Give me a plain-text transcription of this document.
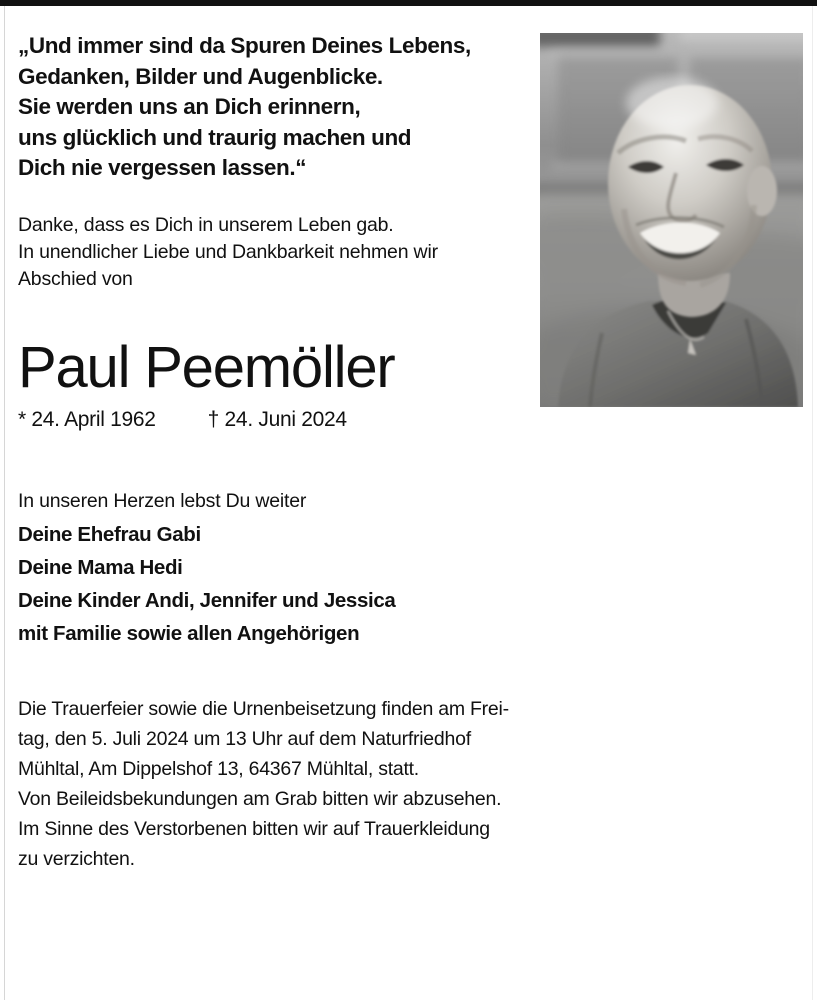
„Und immer sind da Spuren Deines Lebens,
Gedanken, Bilder und Augenblicke.
Sie werden uns an Dich erinnern,
uns glücklich und traurig machen und
Dich nie vergessen lassen.“
Danke, dass es Dich in unserem Leben gab.
In unendlicher Liebe und Dankbarkeit nehmen wir
Abschied von
Paul Peemöller
* 24. April 1962 † 24. Juni 2024
In unseren Herzen lebst Du weiter
Deine Ehefrau Gabi
Deine Mama Hedi
Deine Kinder Andi, Jennifer und Jessica
mit Familie sowie allen Angehörigen
Die Trauerfeier sowie die Urnenbeisetzung finden am Frei-
tag, den 5. Juli 2024 um 13 Uhr auf dem Naturfriedhof
Mühltal, Am Dippelshof 13, 64367 Mühltal, statt.
Von Beileidsbekundungen am Grab bitten wir abzusehen.
Im Sinne des Verstorbenen bitten wir auf Trauerkleidung
zu verzichten.
